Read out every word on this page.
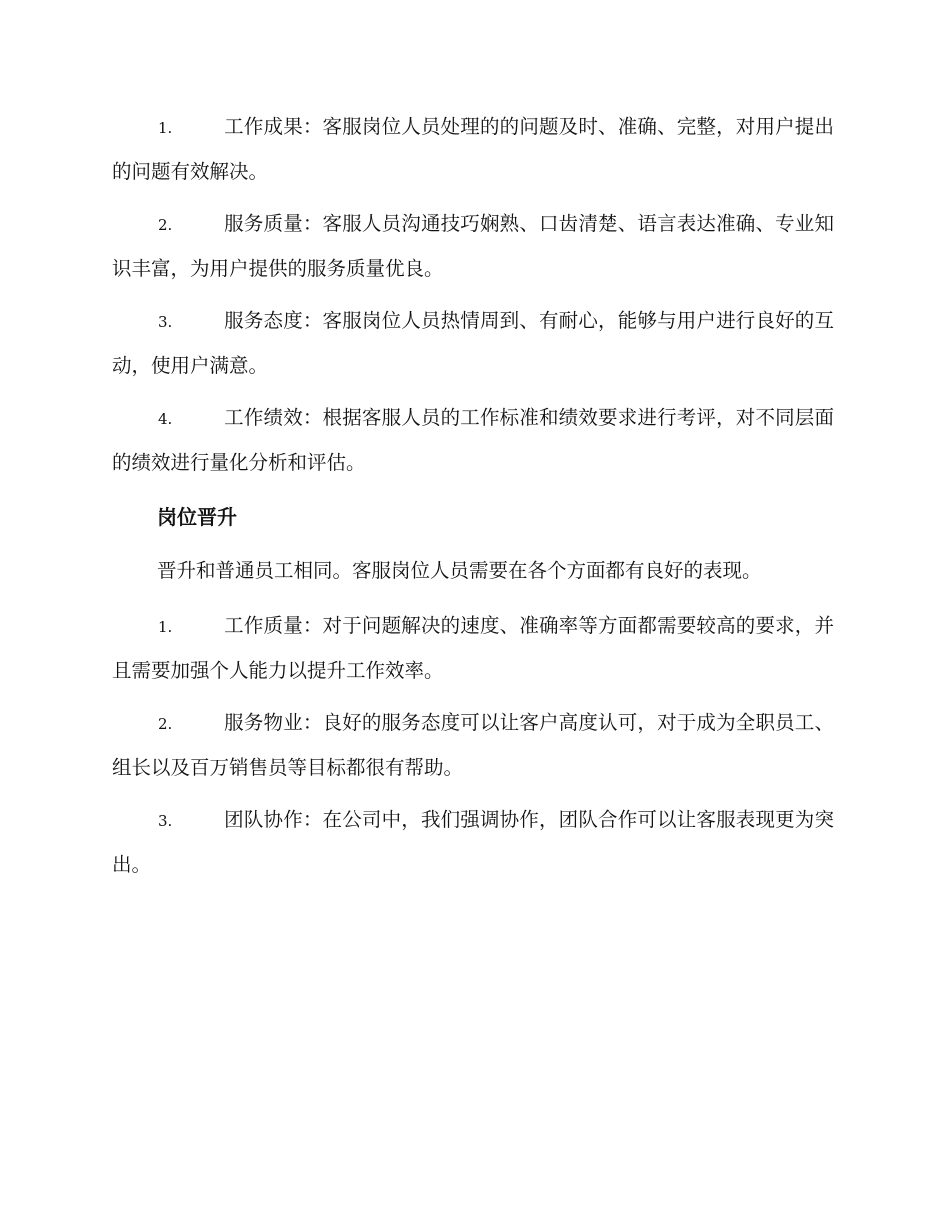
1.	工作成果：客服岗位人员处理的的问题及时、准确、完整，对用户提出的问题有效解决。
2.	服务质量：客服人员沟通技巧娴熟、口齿清楚、语言表达准确、专业知识丰富，为用户提供的服务质量优良。
3.	服务态度：客服岗位人员热情周到、有耐心，能够与用户进行良好的互动，使用户满意。
4.	工作绩效：根据客服人员的工作标准和绩效要求进行考评，对不同层面的绩效进行量化分析和评估。
岗位晋升
晋升和普通员工相同。客服岗位人员需要在各个方面都有良好的表现。
1.	工作质量：对于问题解决的速度、准确率等方面都需要较高的要求，并且需要加强个人能力以提升工作效率。
2.	服务物业：良好的服务态度可以让客户高度认可，对于成为全职员工、组长以及百万销售员等目标都很有帮助。
3.	团队协作：在公司中，我们强调协作，团队合作可以让客服表现更为突出。
